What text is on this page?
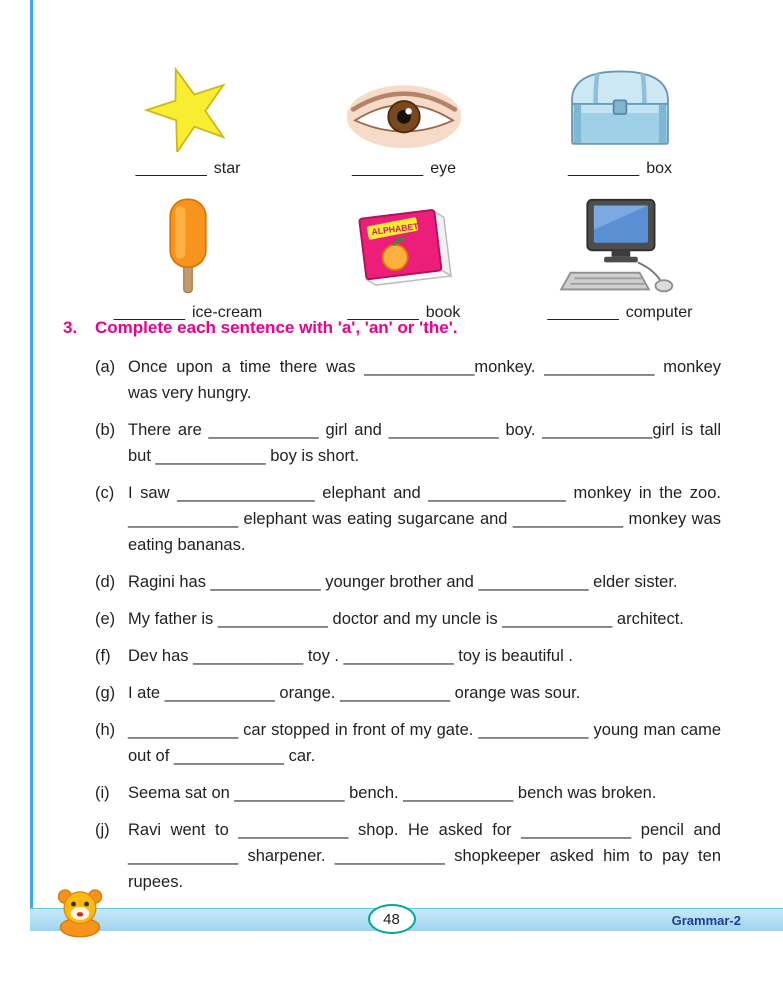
________ star	________ eye	________ box
________ ice-cream
ALPHABET
________ book	________ computer
3.	Complete each sentence with 'a', 'an' or 'the'.
(a) Once upon a time there was ____________monkey. ____________ monkey was very hungry.
(b) There are ____________ girl and ____________ boy. ____________girl is tall but ____________ boy is short.
(c) I saw _______________ elephant and _______________ monkey in the zoo. ____________ elephant was eating sugarcane and ____________ monkey was eating bananas.
(d) Ragini has ____________ younger brother and ____________ elder sister.
(e) My father is ____________ doctor and my uncle is ____________ architect.
(f)	Dev has ____________ toy . ____________ toy is beautiful .
(g) I ate ____________ orange. ____________ orange was sour.
(h) ____________ car stopped in front of my gate. ____________ young man came out of ____________ car.
(i)	Seema sat on ____________ bench. ____________ bench was broken.
(j)	Ravi went to ____________ shop. He asked for ____________ pencil and ____________ sharpener. ____________ shopkeeper asked him to pay ten rupees.
48	Grammar-2
